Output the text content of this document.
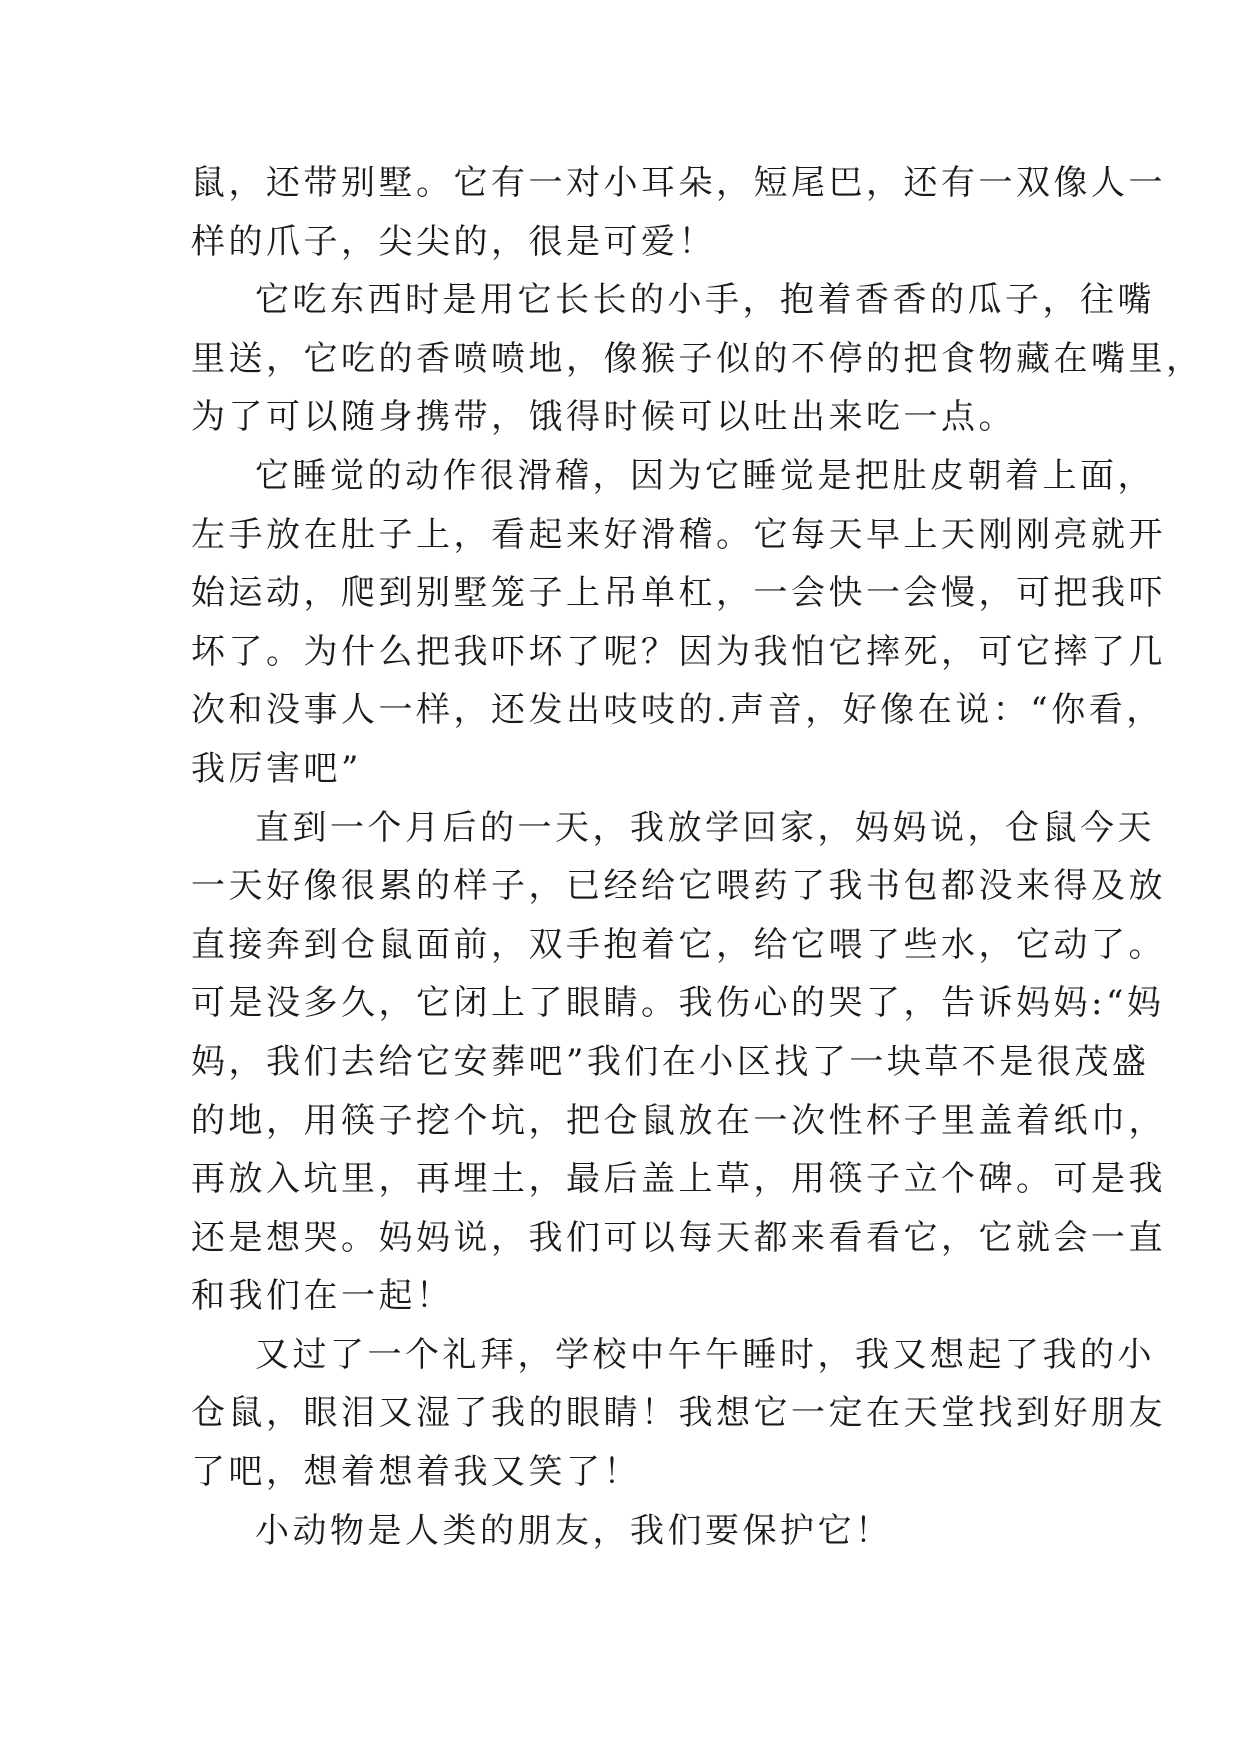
鼠，还带别墅。它有一对小耳朵，短尾巴，还有一双像人一
样的爪子，尖尖的，很是可爱！
它吃东西时是用它长长的小手，抱着香香的瓜子，往嘴
里送，它吃的香喷喷地，像猴子似的不停的把食物藏在嘴里，
为了可以随身携带，饿得时候可以吐出来吃一点。
它睡觉的动作很滑稽，因为它睡觉是把肚皮朝着上面，
左手放在肚子上，看起来好滑稽。它每天早上天刚刚亮就开
始运动，爬到别墅笼子上吊单杠，一会快一会慢，可把我吓
坏了。为什么把我吓坏了呢？因为我怕它摔死，可它摔了几
次和没事人一样，还发出吱吱的.声音，好像在说：“你看，
我厉害吧”
直到一个月后的一天，我放学回家，妈妈说，仓鼠今天
一天好像很累的样子，已经给它喂药了我书包都没来得及放
直接奔到仓鼠面前，双手抱着它，给它喂了些水，它动了。
可是没多久，它闭上了眼睛。我伤心的哭了，告诉妈妈:“妈
妈，我们去给它安葬吧”我们在小区找了一块草不是很茂盛
的地，用筷子挖个坑，把仓鼠放在一次性杯子里盖着纸巾，
再放入坑里，再埋土，最后盖上草，用筷子立个碑。可是我
还是想哭。妈妈说，我们可以每天都来看看它，它就会一直
和我们在一起！
又过了一个礼拜，学校中午午睡时，我又想起了我的小
仓鼠，眼泪又湿了我的眼睛！我想它一定在天堂找到好朋友
了吧，想着想着我又笑了！
小动物是人类的朋友，我们要保护它！
